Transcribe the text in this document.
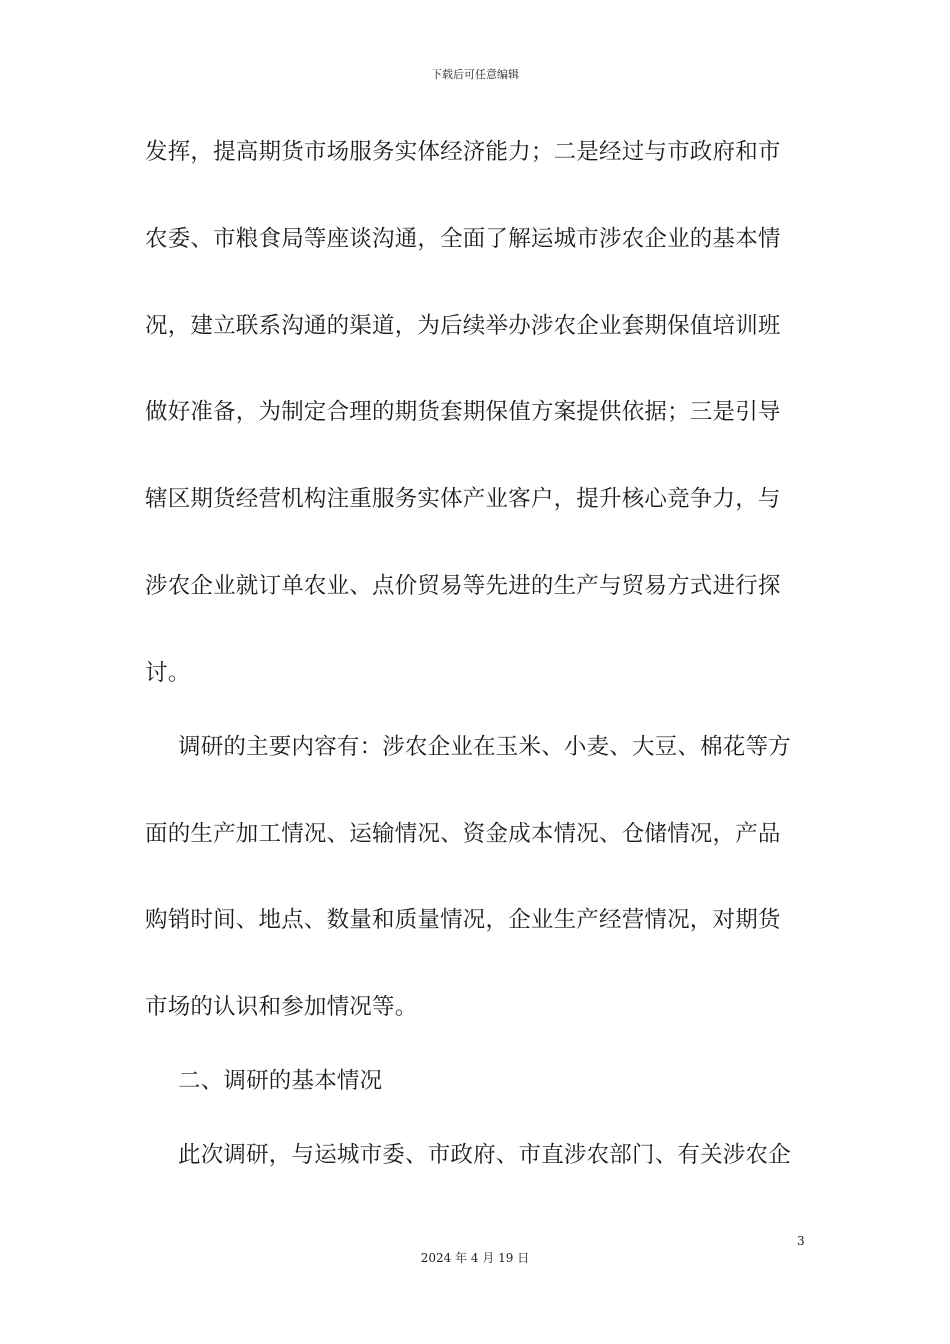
下载后可任意编辑
发挥，提高期货市场服务实体经济能力；二是经过与市政府和市
农委、市粮食局等座谈沟通，全面了解运城市涉农企业的基本情
况，建立联系沟通的渠道，为后续举办涉农企业套期保值培训班
做好准备，为制定合理的期货套期保值方案提供依据；三是引导
辖区期货经营机构注重服务实体产业客户，提升核心竞争力，与
涉农企业就订单农业、点价贸易等先进的生产与贸易方式进行探
讨。
调研的主要内容有：涉农企业在玉米、小麦、大豆、棉花等方
面的生产加工情况、运输情况、资金成本情况、仓储情况，产品
购销时间、地点、数量和质量情况，企业生产经营情况，对期货
市场的认识和参加情况等。
二、调研的基本情况
此次调研，与运城市委、市政府、市直涉农部门、有关涉农企
3
2024 年 4 月 19 日
